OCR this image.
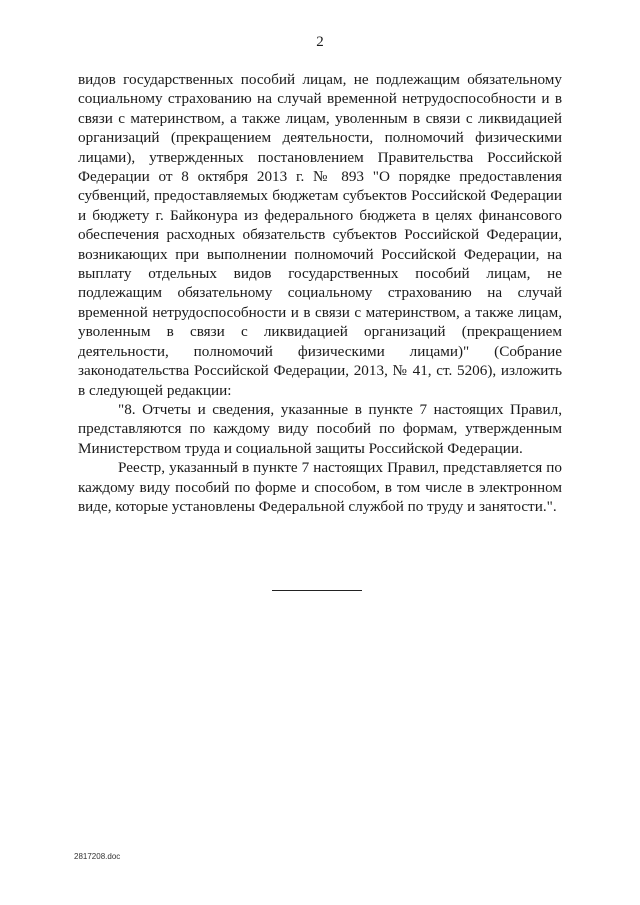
2

видов государственных пособий лицам, не подлежащим обязательному социальному страхованию на случай временной нетрудоспособности и в связи с материнством, а также лицам, уволенным в связи с ликвидацией организаций (прекращением деятельности, полномочий физическими лицами), утвержденных постановлением Правительства Российской Федерации от 8 октября 2013 г. № 893 "О порядке предоставления субвенций, предоставляемых бюджетам субъектов Российской Федерации и бюджету г. Байконура из федерального бюджета в целях финансового обеспечения расходных обязательств субъектов Российской Федерации, возникающих при выполнении полномочий Российской Федерации, на выплату отдельных видов государственных пособий лицам, не подлежащим обязательному социальному страхованию на случай временной нетрудоспособности и в связи с материнством, а также лицам, уволенным в связи с ликвидацией организаций (прекращением деятельности, полномочий физическими лицами)" (Собрание законодательства Российской Федерации, 2013, № 41, ст. 5206), изложить в следующей редакции:

"8. Отчеты и сведения, указанные в пункте 7 настоящих Правил, представляются по каждому виду пособий по формам, утвержденным Министерством труда и социальной защиты Российской Федерации.

Реестр, указанный в пункте 7 настоящих Правил, представляется по каждому виду пособий по форме и способом, в том числе в электронном виде, которые установлены Федеральной службой по труду и занятости.".

2817208.doc
